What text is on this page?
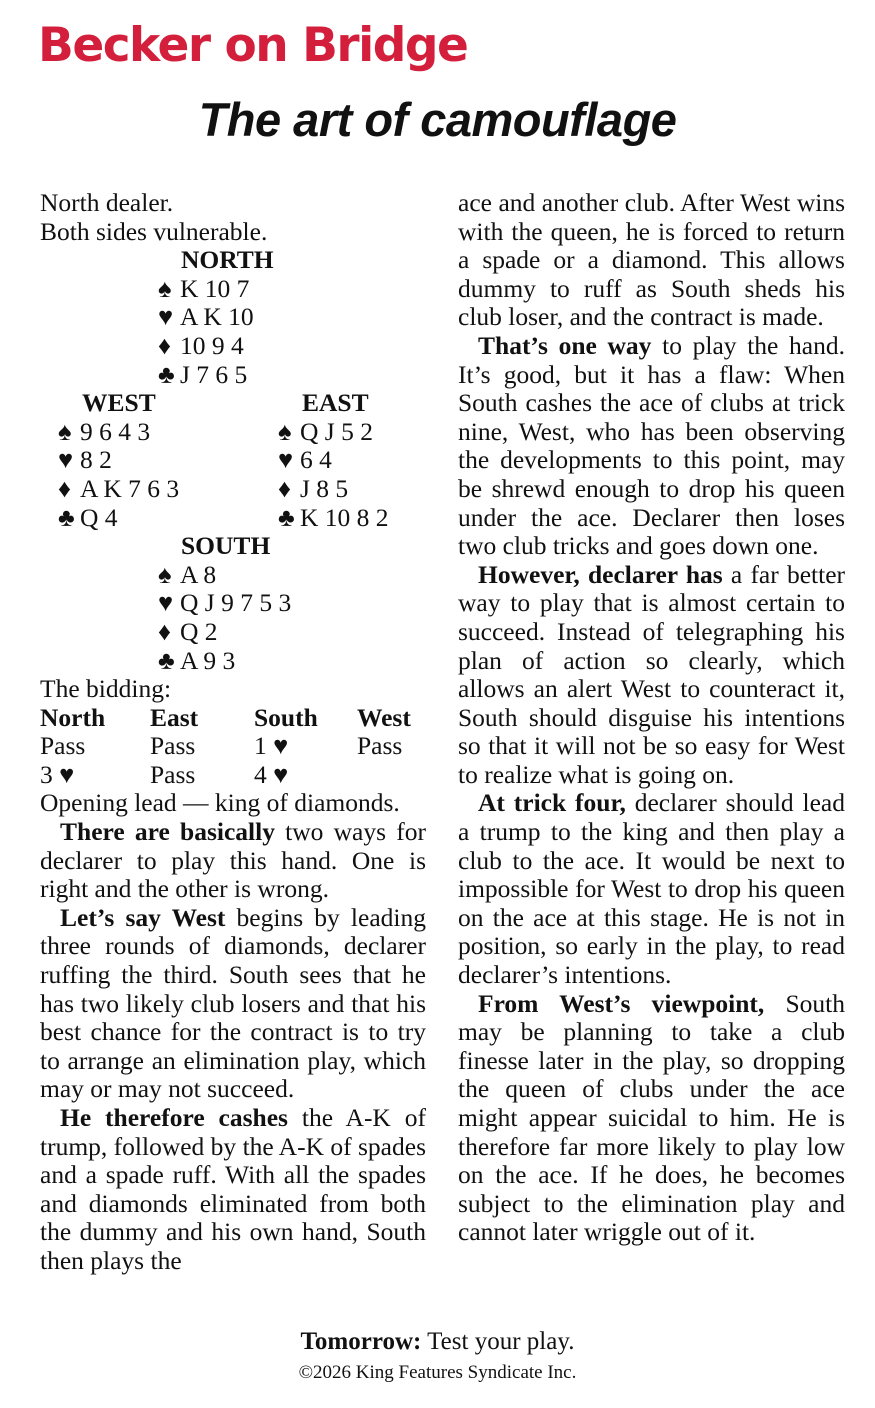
Becker on Bridge
The art of camouflage
North dealer.
Both sides vulnerable.
NORTH
♠ K 10 7
♥ A K 10
♦ 10 9 4
♣ J 7 6 5
WEST	EAST
♠ 9 6 4 3	♠ Q J 5 2
♥ 8 2	♥ 6 4
♦ A K 7 6 3	♦ J 8 5
♣ Q 4	♣ K 10 8 2
SOUTH
♠ A 8
♥ Q J 9 7 5 3
♦ Q 2
♣ A 9 3
The bidding:
North	East	South	West
Pass	Pass	1 ♥	Pass
3 ♥	Pass	4 ♥
Opening lead — king of diamonds.

There are basically two ways for declarer to play this hand. One is right and the other is wrong.

Let’s say West begins by leading three rounds of diamonds, declarer ruffing the third. South sees that he has two likely club losers and that his best chance for the contract is to try to arrange an elimination play, which may or may not succeed.

He therefore cashes the A-K of trump, followed by the A-K of spades and a spade ruff. With all the spades and diamonds eliminated from both the dummy and his own hand, South then plays the

ace and another club. After West wins with the queen, he is forced to return a spade or a diamond. This allows dummy to ruff as South sheds his club loser, and the contract is made.

That’s one way to play the hand. It’s good, but it has a flaw: When South cashes the ace of clubs at trick nine, West, who has been observing the developments to this point, may be shrewd enough to drop his queen under the ace. Declarer then loses two club tricks and goes down one.

However, declarer has a far better way to play that is almost certain to succeed. Instead of telegraphing his plan of action so clearly, which allows an alert West to counteract it, South should disguise his intentions so that it will not be so easy for West to realize what is going on.

At trick four, declarer should lead a trump to the king and then play a club to the ace. It would be next to impossible for West to drop his queen on the ace at this stage. He is not in position, so early in the play, to read declarer’s intentions.

From West’s viewpoint, South may be planning to take a club finesse later in the play, so dropping the queen of clubs under the ace might appear suicidal to him. He is therefore far more likely to play low on the ace. If he does, he becomes subject to the elimination play and cannot later wriggle out of it.

Tomorrow: Test your play.
©2026 King Features Syndicate Inc.
